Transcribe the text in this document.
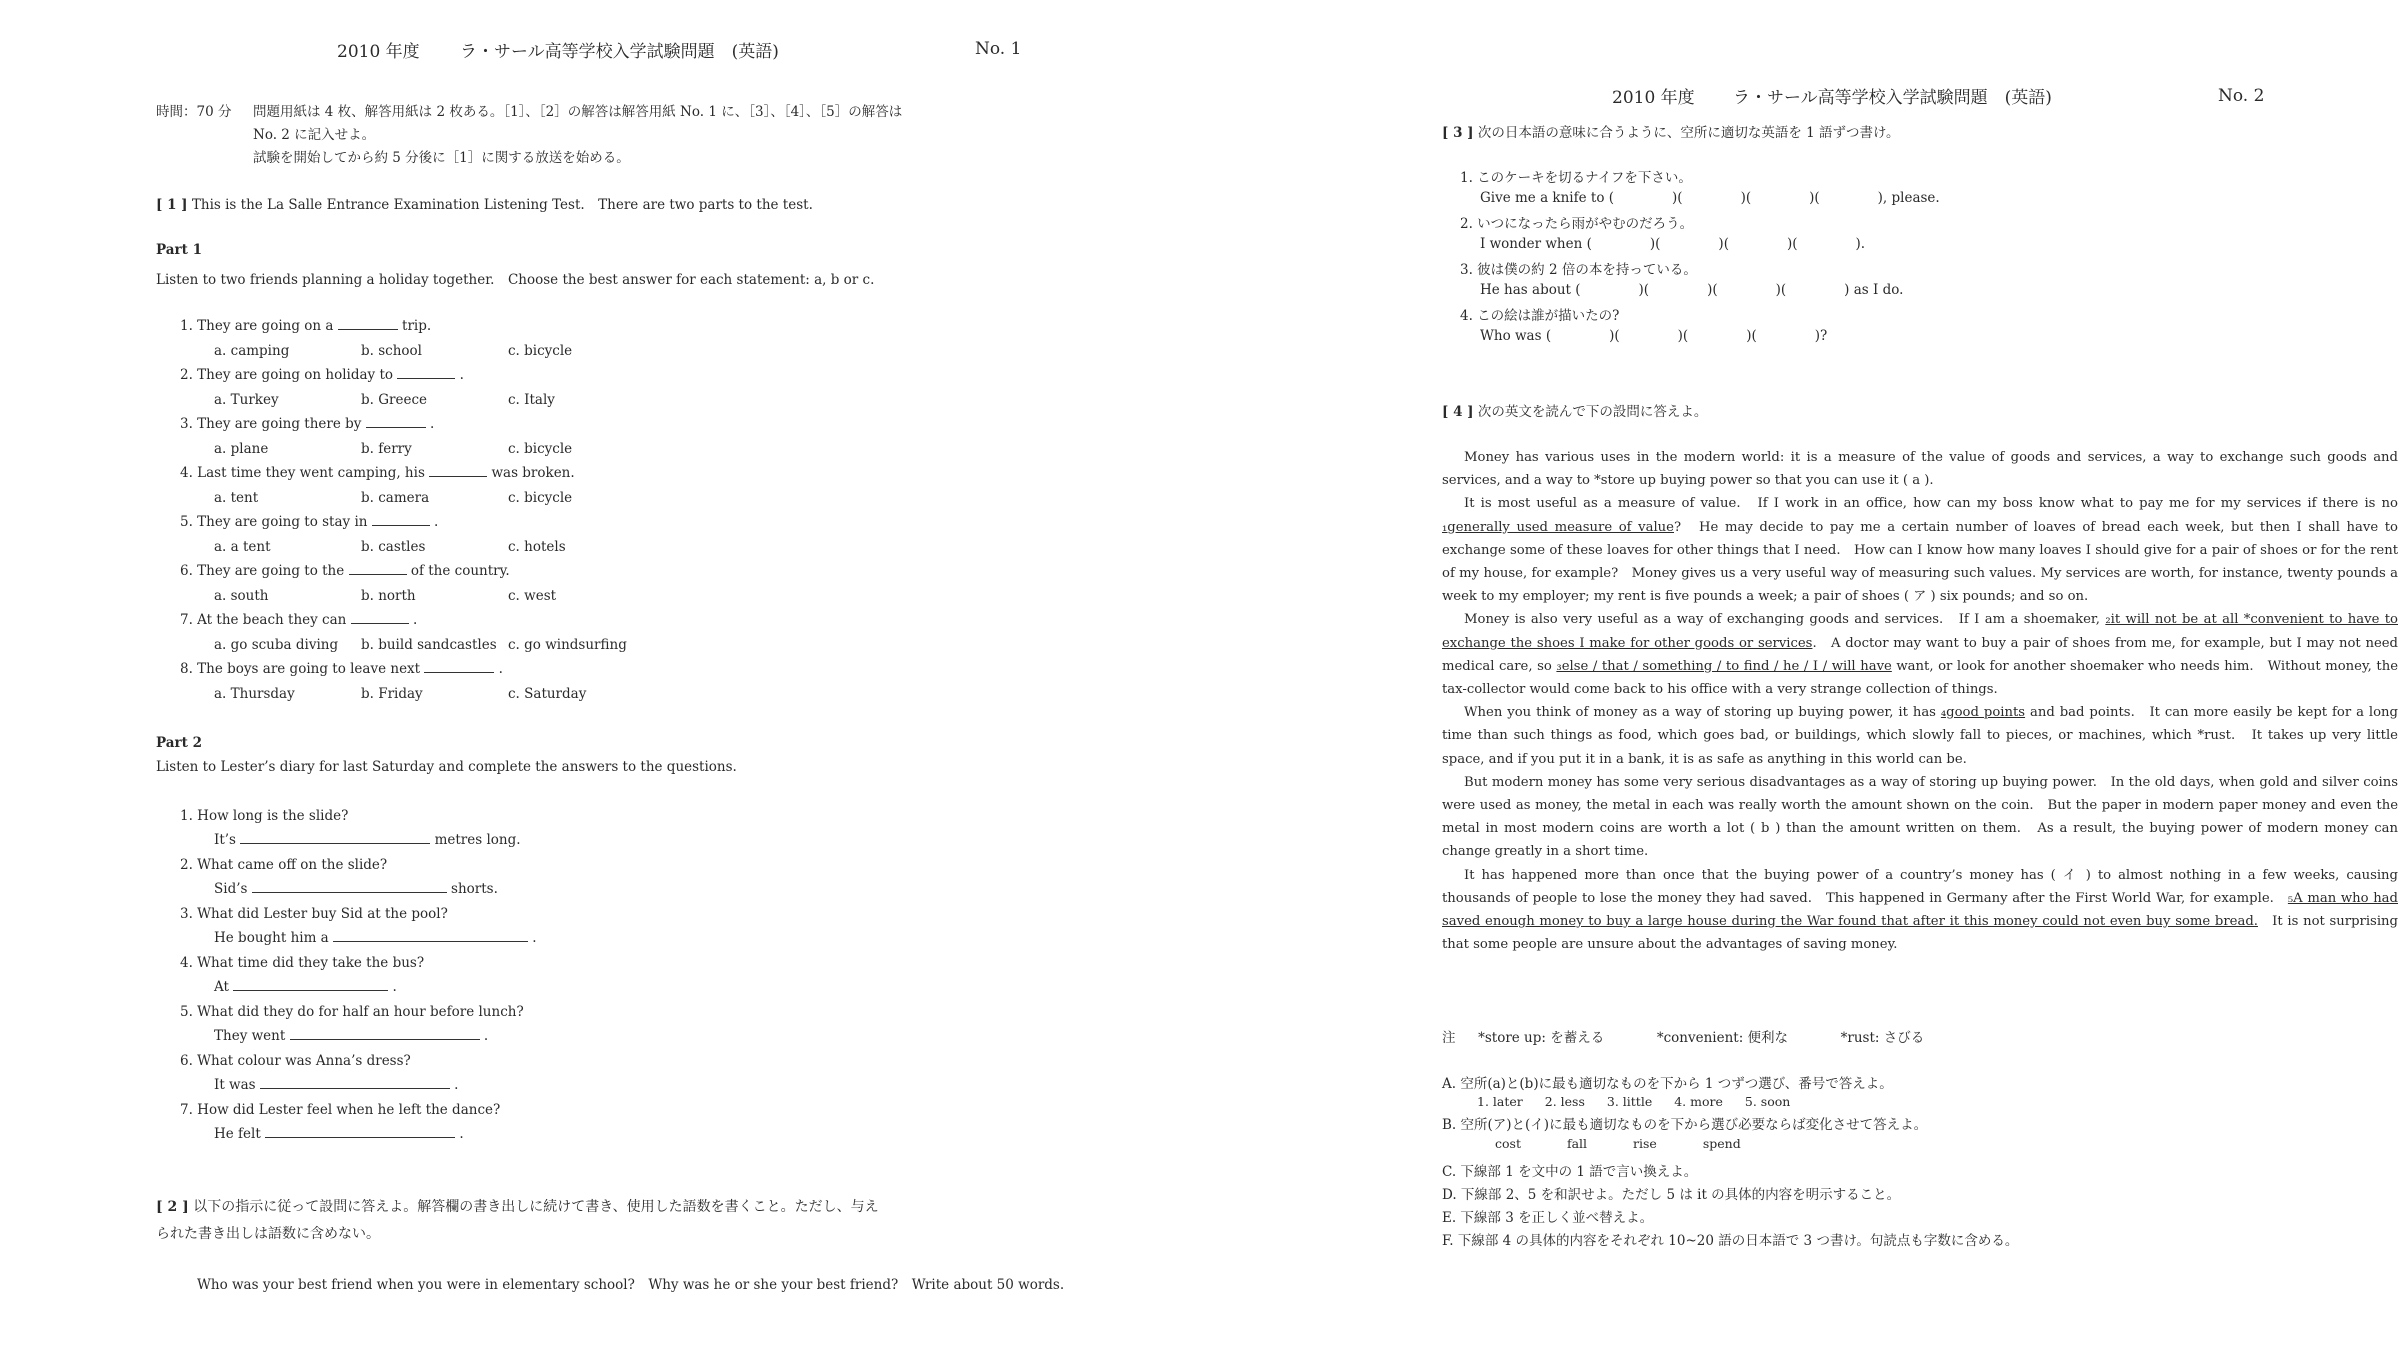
2010 年度 ラ・サール高等学校入学試験問題　(英語)	No. 1
時間：70 分 問題用紙は 4 枚、解答用紙は 2 枚ある。［1］、［2］の解答は解答用紙 No. 1 に、［3］、［4］、［5］の解答は
No. 2 に記入せよ。
試験を開始してから約 5 分後に［1］に関する放送を始める。
[ 1 ] This is the La Salle Entrance Examination Listening Test.　There are two parts to the test.
Part 1
Listen to two friends planning a holiday together.　Choose the best answer for each statement: a, b or c.
1. They are going on a	trip.
a. camping	b. school	c. bicycle
2. They are going on holiday to	.
a. Turkey	b. Greece	c. Italy
3. They are going there by	.
a. plane	b. ferry	c. bicycle
4. Last time they went camping, his	was broken.
a. tent	b. camera	c. bicycle
5. They are going to stay in	.
a. a tent	b. castles	c. hotels
6. They are going to the	of the country.
a. south	b. north	c. west
7. At the beach they can	.
a. go scuba diving b. build sandcastles c. go windsurfing
8. The boys are going to leave next	.
a. Thursday	b. Friday	c. Saturday
Part 2
Listen to Lester’s diary for last Saturday and complete the answers to the questions.
1. How long is the slide?
It’s	metres long.
2. What came off on the slide?
Sid’s	shorts.
3. What did Lester buy Sid at the pool?
He bought him a	.
4. What time did they take the bus?
At	.
5. What did they do for half an hour before lunch?
They went	.
6. What colour was Anna’s dress?
It was	.
7. How did Lester feel when he left the dance?
He felt	.
[ 2 ] 以下の指示に従って設問に答えよ。解答欄の書き出しに続けて書き、使用した語数を書くこと。ただし、与え
られた書き出しは語数に含めない。
Who was your best friend when you were in elementary school?　Why was he or she your best friend?　Write about 50 words.
2010 年度 ラ・サール高等学校入学試験問題　(英語)	No. 2
[ 3 ] 次の日本語の意味に合うように、空所に適切な英語を 1 語ずつ書け。
1. このケーキを切るナイフを下さい。
Give me a knife to (	)(	)(	)(	), please.
2. いつになったら雨がやむのだろう。
I wonder when (	)(	)(	)(	).
3. 彼は僕の約 2 倍の本を持っている。
He has about (	)(	)(	)(	) as I do.
4. この絵は誰が描いたの?
Who was (	)(	)(	)(	)?
[ 4 ] 次の英文を読んで下の設問に答えよ。

Money has various uses in the modern world: it is a measure of the value of goods and services, a way to exchange such goods and services, and a way to *store up buying power so that you can use it ( a ).

It is most useful as a measure of value.　If I work in an office, how can my boss know what to pay me for my services if there is no ₁generally used measure of value?　He may decide to pay me a certain number of loaves of bread each week, but then I shall have to exchange some of these loaves for other things that I need.　How can I know how many loaves I should give for a pair of shoes or for the rent of my house, for example?　Money gives us a very useful way of measuring such values. My services are worth, for instance, twenty pounds a week to my employer; my rent is five pounds a week; a pair of shoes ( ア ) six pounds; and so on.

Money is also very useful as a way of exchanging goods and services.　If I am a shoemaker, ₂it will not be at all *convenient to have to exchange the shoes I make for other goods or services.　A doctor may want to buy a pair of shoes from me, for example, but I may not need medical care, so ₃else / that / something / to find / he / I / will have want, or look for another shoemaker who needs him.　Without money, the tax-collector would come back to his office with a very strange collection of things.

When you think of money as a way of storing up buying power, it has ₄good points and bad points.　It can more easily be kept for a long time than such things as food, which goes bad, or buildings, which slowly fall to pieces, or machines, which *rust.　It takes up very little space, and if you put it in a bank, it is as safe as anything in this world can be.

But modern money has some very serious disadvantages as a way of storing up buying power.　In the old days, when gold and silver coins were used as money, the metal in each was really worth the amount shown on the coin.　But the paper in modern paper money and even the metal in most modern coins are worth a lot ( b ) than the amount written on them.　As a result, the buying power of modern money can change greatly in a short time.

It has happened more than once that the buying power of a country’s money has ( イ ) to almost nothing in a few weeks, causing thousands of people to lose the money they had saved.　This happened in Germany after the First World War, for example.　₅A man who had saved enough money to buy a large house during the War found that after it this money could not even buy some bread.　It is not surprising that some people are unsure about the advantages of saving money.

注 *store up: を蓄える	*convenient: 便利な	*rust: さびる
A. 空所(a)と(b)に最も適切なものを下から 1 つずつ選び、番号で答えよ。
1. later 2. less 3. little 4. more 5. soon
B. 空所(ア)と(イ)に最も適切なものを下から選び必要ならば変化させて答えよ。
cost	fall	rise	spend
C. 下線部 1 を文中の 1 語で言い換えよ。
D. 下線部 2、5 を和訳せよ。ただし 5 は it の具体的内容を明示すること。
E. 下線部 3 を正しく並べ替えよ。
F. 下線部 4 の具体的内容をそれぞれ 10~20 語の日本語で 3 つ書け。句読点も字数に含める。
